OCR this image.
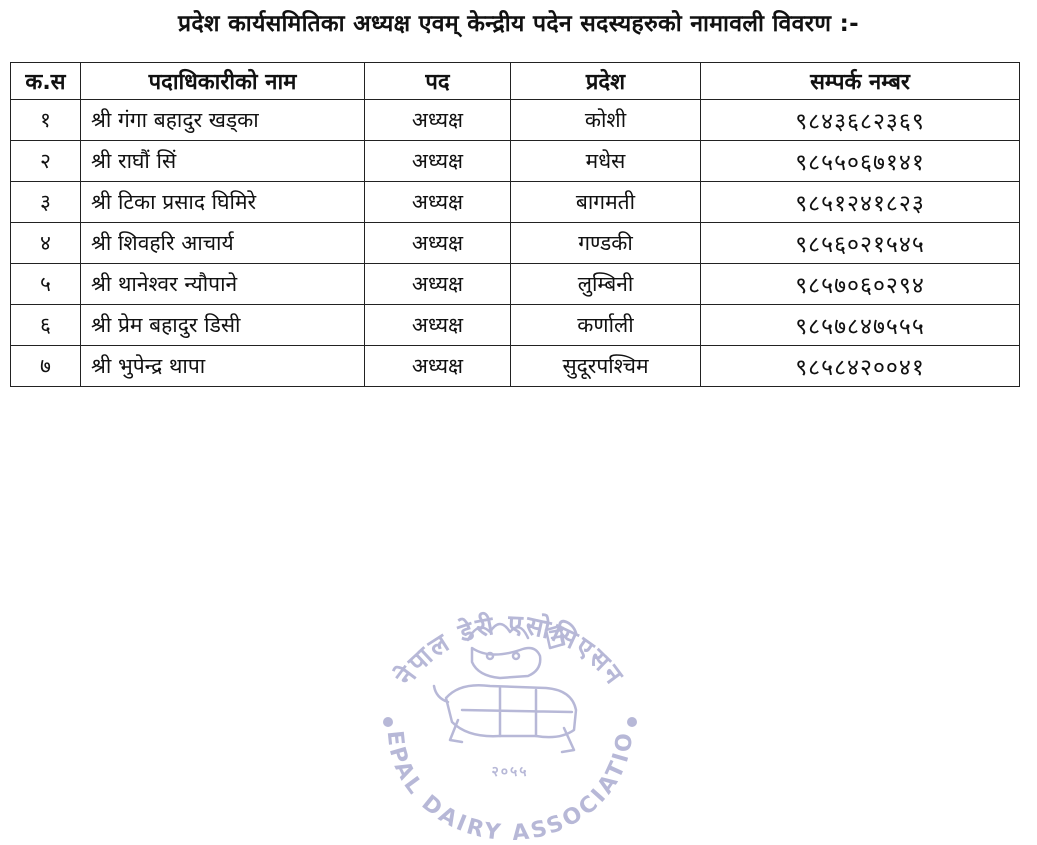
प्रदेश कार्यसमितिका अध्यक्ष एवम् केन्द्रीय पदेन सदस्यहरुको नामावली विवरण :-
क.स	पदाधिकारीको नाम	पद	प्रदेश	सम्पर्क नम्बर
१	श्री गंगा बहादुर खड्का	अध्यक्ष	कोशी	९८४३६८२३६९
२	श्री राघौं सिं	अध्यक्ष	मधेस	९८५५०६७१४१
३	श्री टिका प्रसाद घिमिरे	अध्यक्ष	बागमती	९८५१२४१८२३
४	श्री शिवहरि आचार्य	अध्यक्ष	गण्डकी	९८५६०२१५४५
५	श्री थानेश्वर न्यौपाने	अध्यक्ष	लुम्बिनी	९८५७०६०२९४
६	श्री प्रेम बहादुर डिसी	अध्यक्ष	कर्णाली	९८५७८४७५५५
७	श्री भुपेन्द्र थापा	अध्यक्ष	सुदूरपश्चिम	९८५८४२००४१
नेपाल डेरी एसोसिएसन
EPAL DAIRY ASSOCIATIO
२०५५
